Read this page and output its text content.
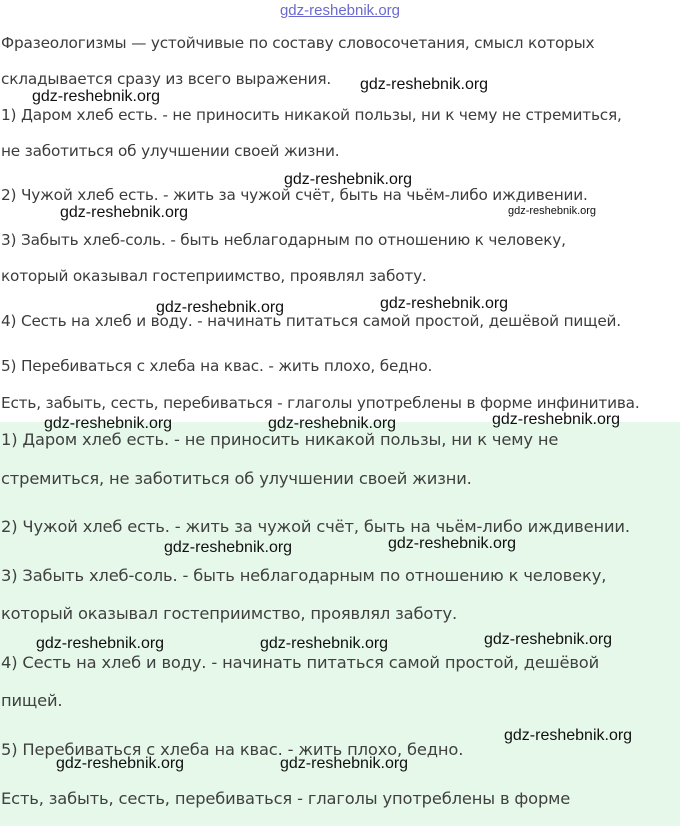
gdz-reshebnik.org
Фразеологизмы — устойчивые по составу словосочетания, смысл которых
складывается сразу из всего выражения.
1) Даром хлеб есть. - не приносить никакой пользы, ни к чему не стремиться,
не заботиться об улучшении своей жизни.
2) Чужой хлеб есть. - жить за чужой счёт, быть на чьём-либо иждивении.
3) Забыть хлеб-соль. - быть неблагодарным по отношению к человеку,
который оказывал гостеприимство, проявлял заботу.
4) Сесть на хлеб и воду. - начинать питаться самой простой, дешёвой пищей.
5) Перебиваться с хлеба на квас. - жить плохо, бедно.
Есть, забыть, сесть, перебиваться - глаголы употреблены в форме инфинитива.
1) Даром хлеб есть. - не приносить никакой пользы, ни к чему не
стремиться, не заботиться об улучшении своей жизни.
2) Чужой хлеб есть. - жить за чужой счёт, быть на чьём-либо иждивении.
3) Забыть хлеб-соль. - быть неблагодарным по отношению к человеку,
который оказывал гостеприимство, проявлял заботу.
4) Сесть на хлеб и воду. - начинать питаться самой простой, дешёвой
пищей.
5) Перебиваться с хлеба на квас. - жить плохо, бедно.
Есть, забыть, сесть, перебиваться - глаголы употреблены в форме
gdz-reshebnik.org
gdz-reshebnik.org
gdz-reshebnik.org
gdz-reshebnik.org	gdz-reshebnik.org
gdz-reshebnik.org	gdz-reshebnik.org
gdz-reshebnik.org	gdz-reshebnik.org	gdz-reshebnik.org
gdz-reshebnik.org	gdz-reshebnik.org
gdz-reshebnik.org	gdz-reshebnik.org	gdz-reshebnik.org
gdz-reshebnik.org
gdz-reshebnik.org	gdz-reshebnik.org
